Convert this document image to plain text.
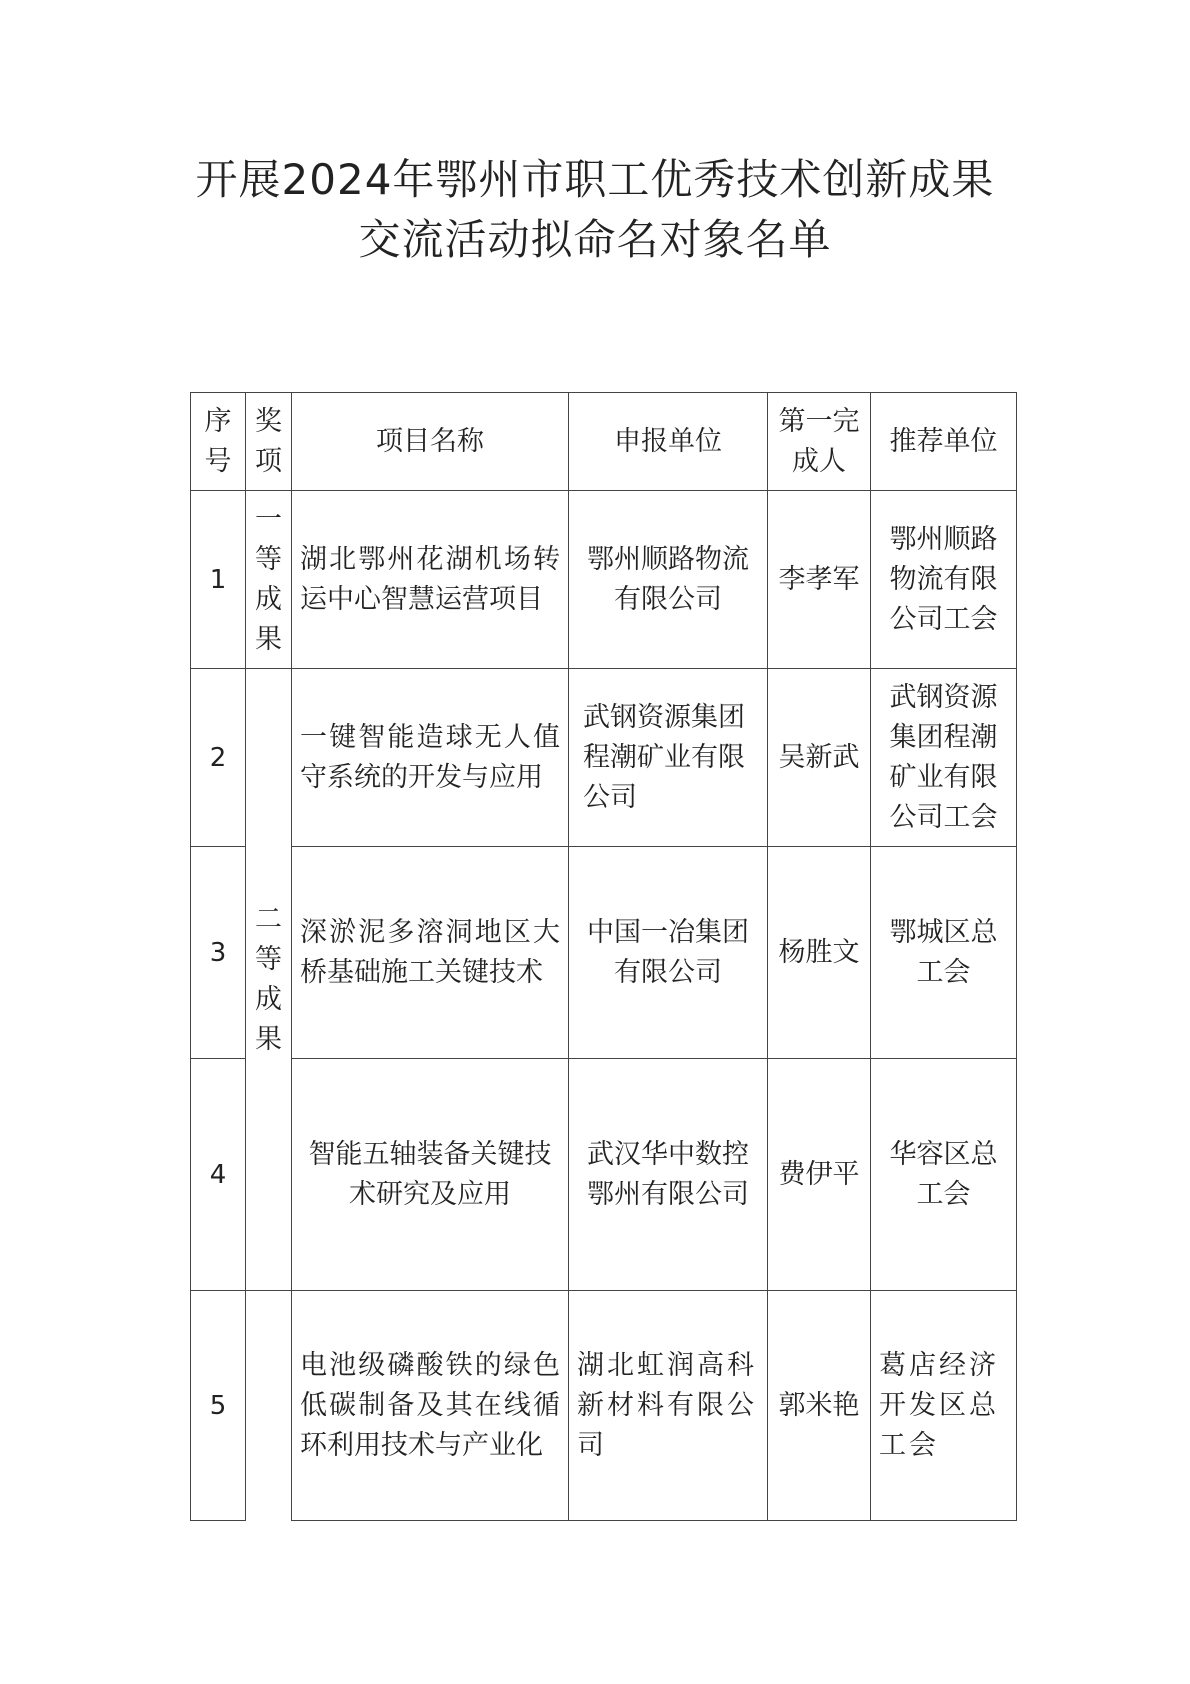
开展2024年鄂州市职工优秀技术创新成果
交流活动拟命名对象名单
序号	奖项	项目名称	申报单位	第一完成人	推荐单位
1	一等成果	湖北鄂州花湖机场转运中心智慧运营项目	鄂州顺路物流有限公司	李孝军	鄂州顺路物流有限公司工会

2	二等成果	一键智能造球无人值守系统的开发与应用	武钢资源集团程潮矿业有限公司	吴新武	武钢资源集团程潮矿业有限公司工会

3		深淤泥多溶洞地区大桥基础施工关键技术	中国一冶集团有限公司	杨胜文	鄂城区总工会

4		智能五轴装备关键技术研究及应用	武汉华中数控鄂州有限公司	费伊平	华容区总工会

5		电池级磷酸铁的绿色低碳制备及其在线循环利用技术与产业化	湖北虹润高科新材料有限公司	郭米艳	葛店经济开发区总工会
